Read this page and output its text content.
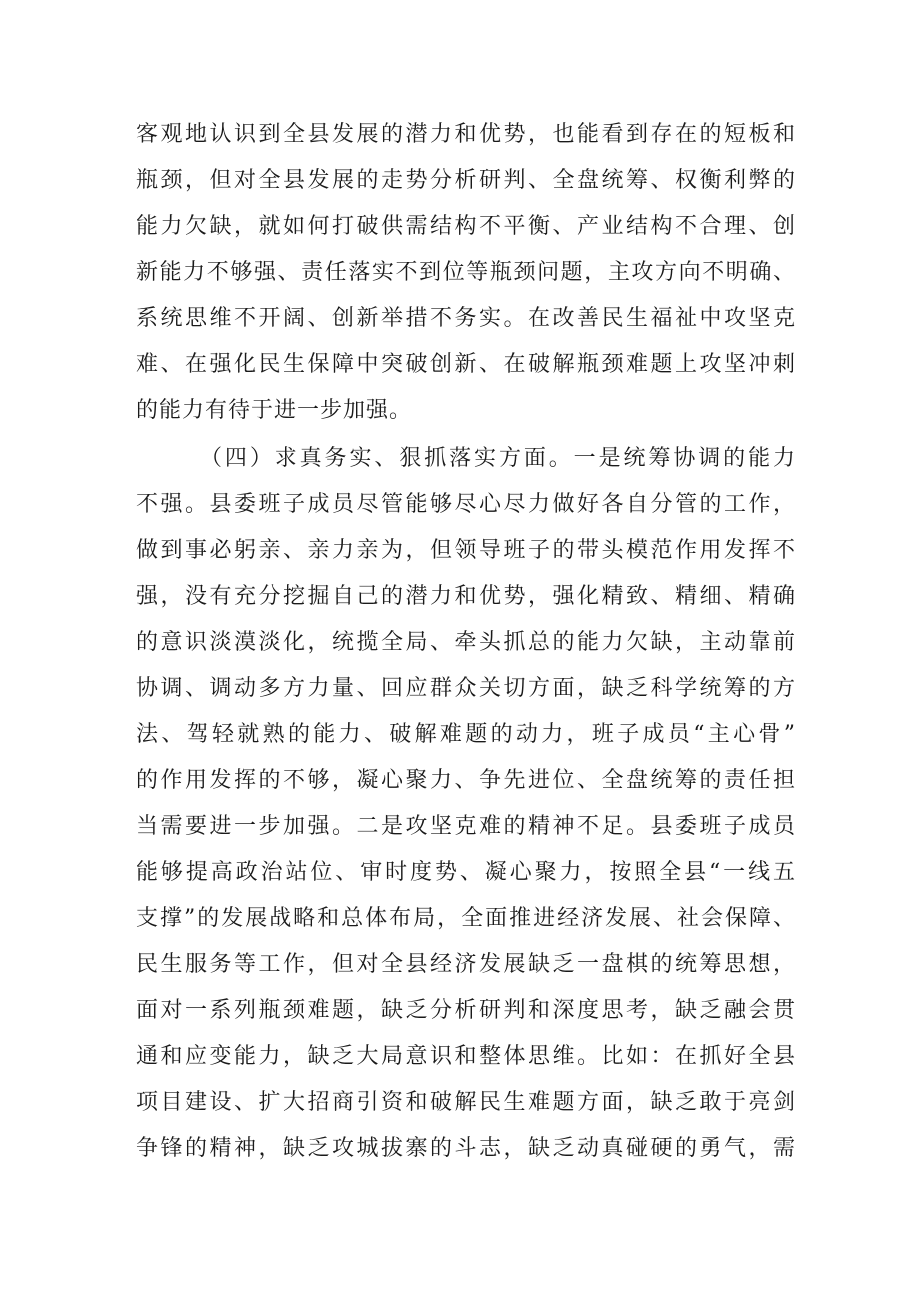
客观地认识到全县发展的潜力和优势，也能看到存在的短板和
瓶颈，但对全县发展的走势分析研判、全盘统筹、权衡利弊的
能力欠缺，就如何打破供需结构不平衡、产业结构不合理、创
新能力不够强、责任落实不到位等瓶颈问题，主攻方向不明确、
系统思维不开阔、创新举措不务实。在改善民生福祉中攻坚克
难、在强化民生保障中突破创新、在破解瓶颈难题上攻坚冲刺
的能力有待于进一步加强。
（四）求真务实、狠抓落实方面。一是统筹协调的能力
不强。县委班子成员尽管能够尽心尽力做好各自分管的工作，
做到事必躬亲、亲力亲为，但领导班子的带头模范作用发挥不
强，没有充分挖掘自己的潜力和优势，强化精致、精细、精确
的意识淡漠淡化，统揽全局、牵头抓总的能力欠缺，主动靠前
协调、调动多方力量、回应群众关切方面，缺乏科学统筹的方
法、驾轻就熟的能力、破解难题的动力，班子成员“主心骨”
的作用发挥的不够，凝心聚力、争先进位、全盘统筹的责任担
当需要进一步加强。二是攻坚克难的精神不足。县委班子成员
能够提高政治站位、审时度势、凝心聚力，按照全县“一线五
支撑”的发展战略和总体布局，全面推进经济发展、社会保障、
民生服务等工作，但对全县经济发展缺乏一盘棋的统筹思想，
面对一系列瓶颈难题，缺乏分析研判和深度思考，缺乏融会贯
通和应变能力，缺乏大局意识和整体思维。比如：在抓好全县
项目建设、扩大招商引资和破解民生难题方面，缺乏敢于亮剑
争锋的精神，缺乏攻城拔寨的斗志，缺乏动真碰硬的勇气，需
